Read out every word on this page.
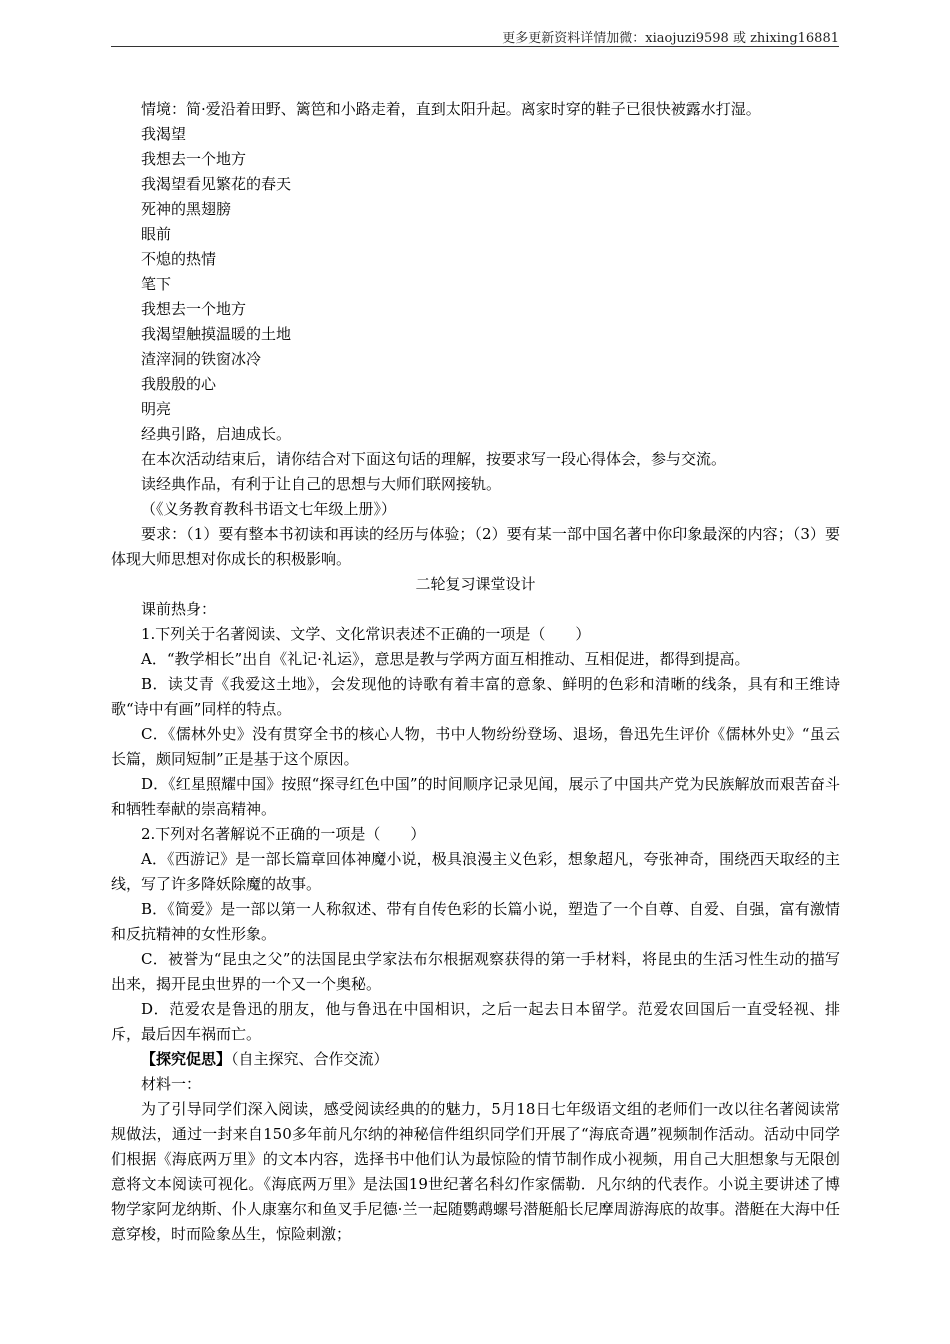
更多更新资料详情加微：xiaojuzi9598 或 zhixing16881

情境：简·爱沿着田野、篱笆和小路走着，直到太阳升起。离家时穿的鞋子已很快被露水打湿。

我渴望

我想去一个地方

我渴望看见繁花的春天

死神的黑翅膀

眼前

不熄的热情

笔下

我想去一个地方

我渴望触摸温暖的土地

渣滓洞的铁窗冰冷

我殷殷的心

明亮

经典引路，启迪成长。

在本次活动结束后，请你结合对下面这句话的理解，按要求写一段心得体会，参与交流。

读经典作品，有利于让自己的思想与大师们联网接轨。

（《义务教育教科书语文七年级上册》）

要求：（1）要有整本书初读和再读的经历与体验；（2）要有某一部中国名著中你印象最深的内容；（3）要体现大师思想对你成长的积极影响。

二轮复习课堂设计

课前热身：

1.下列关于名著阅读、文学、文化常识表述不正确的一项是（　　）

A．“教学相长”出自《礼记·礼运》，意思是教与学两方面互相推动、互相促进，都得到提高。

B．读艾青《我爱这土地》，会发现他的诗歌有着丰富的意象、鲜明的色彩和清晰的线条，具有和王维诗歌“诗中有画”同样的特点。

C．《儒林外史》没有贯穿全书的核心人物，书中人物纷纷登场、退场，鲁迅先生评价《儒林外史》“虽云长篇，颇同短制”正是基于这个原因。

D．《红星照耀中国》按照“探寻红色中国”的时间顺序记录见闻，展示了中国共产党为民族解放而艰苦奋斗和牺牲奉献的崇高精神。

2.下列对名著解说不正确的一项是（　　）

A．《西游记》是一部长篇章回体神魔小说，极具浪漫主义色彩，想象超凡，夸张神奇，围绕西天取经的主线，写了许多降妖除魔的故事。

B．《简爱》是一部以第一人称叙述、带有自传色彩的长篇小说，塑造了一个自尊、自爱、自强，富有激情和反抗精神的女性形象。

C．被誉为“昆虫之父”的法国昆虫学家法布尔根据观察获得的第一手材料，将昆虫的生活习性生动的描写出来，揭开昆虫世界的一个又一个奥秘。

D．范爱农是鲁迅的朋友，他与鲁迅在中国相识，之后一起去日本留学。范爱农回国后一直受轻视、排斥，最后因车祸而亡。

【探究促思】（自主探究、合作交流）

材料一：

为了引导同学们深入阅读，感受阅读经典的的魅力，5月18日七年级语文组的老师们一改以往名著阅读常规做法，通过一封来自150多年前凡尔纳的神秘信件组织同学们开展了“海底奇遇”视频制作活动。活动中同学们根据《海底两万里》的文本内容，选择书中他们认为最惊险的情节制作成小视频，用自己大胆想象与无限创意将文本阅读可视化。《海底两万里》是法国19世纪著名科幻作家儒勒．凡尔纳的代表作。小说主要讲述了博物学家阿龙纳斯、仆人康塞尔和鱼叉手尼德·兰一起随鹦鹉螺号潜艇船长尼摩周游海底的故事。潜艇在大海中任意穿梭，时而险象丛生，惊险刺激；
